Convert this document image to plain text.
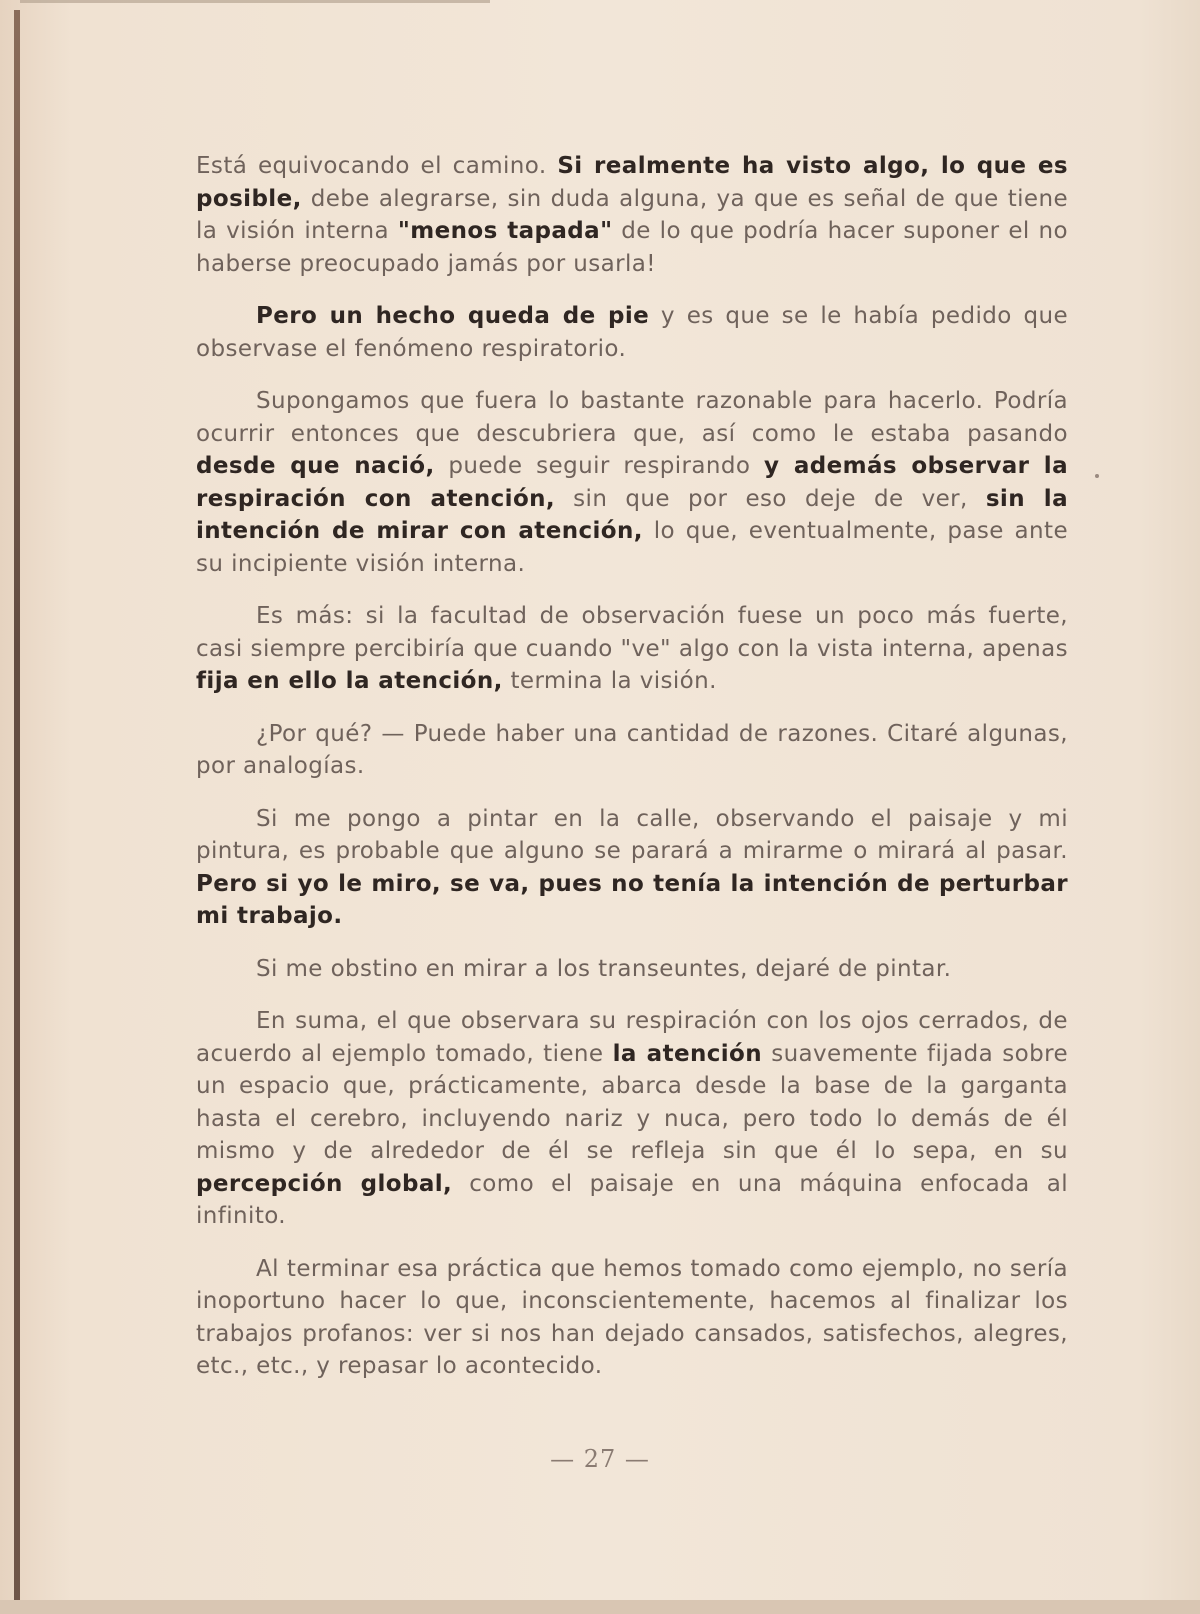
Está equivocando el camino. Si realmente ha visto algo, lo que es posible, debe alegrarse, sin duda alguna, ya que es señal de que tiene la visión interna "menos tapada" de lo que podría hacer suponer el no haberse preocupado jamás por usarla!

Pero un hecho queda de pie y es que se le había pedido que observase el fenómeno respiratorio.

Supongamos que fuera lo bastante razonable para hacerlo. Podría ocurrir entonces que descubriera que, así como le estaba pasando desde que nació, puede seguir respirando y además observar la respiración con atención, sin que por eso deje de ver, sin la intención de mirar con atención, lo que, eventualmente, pase ante su incipiente visión interna.

Es más: si la facultad de observación fuese un poco más fuerte, casi siempre percibiría que cuando "ve" algo con la vista interna, apenas fija en ello la atención, termina la visión.

¿Por qué? — Puede haber una cantidad de razones. Citaré algunas, por analogías.

Si me pongo a pintar en la calle, observando el paisaje y mi pintura, es probable que alguno se parará a mirarme o mirará al pasar. Pero si yo le miro, se va, pues no tenía la intención de perturbar mi trabajo.

Si me obstino en mirar a los transeuntes, dejaré de pintar.

En suma, el que observara su respiración con los ojos cerrados, de acuerdo al ejemplo tomado, tiene la atención suavemente fijada sobre un espacio que, prácticamente, abarca desde la base de la garganta hasta el cerebro, incluyendo nariz y nuca, pero todo lo demás de él mismo y de alrededor de él se refleja sin que él lo sepa, en su percepción global, como el paisaje en una máquina enfocada al infinito.

Al terminar esa práctica que hemos tomado como ejemplo, no sería inoportuno hacer lo que, inconscientemente, hacemos al finalizar los trabajos profanos: ver si nos han dejado cansados, satisfechos, alegres, etc., etc., y repasar lo acontecido.

— 27 —
